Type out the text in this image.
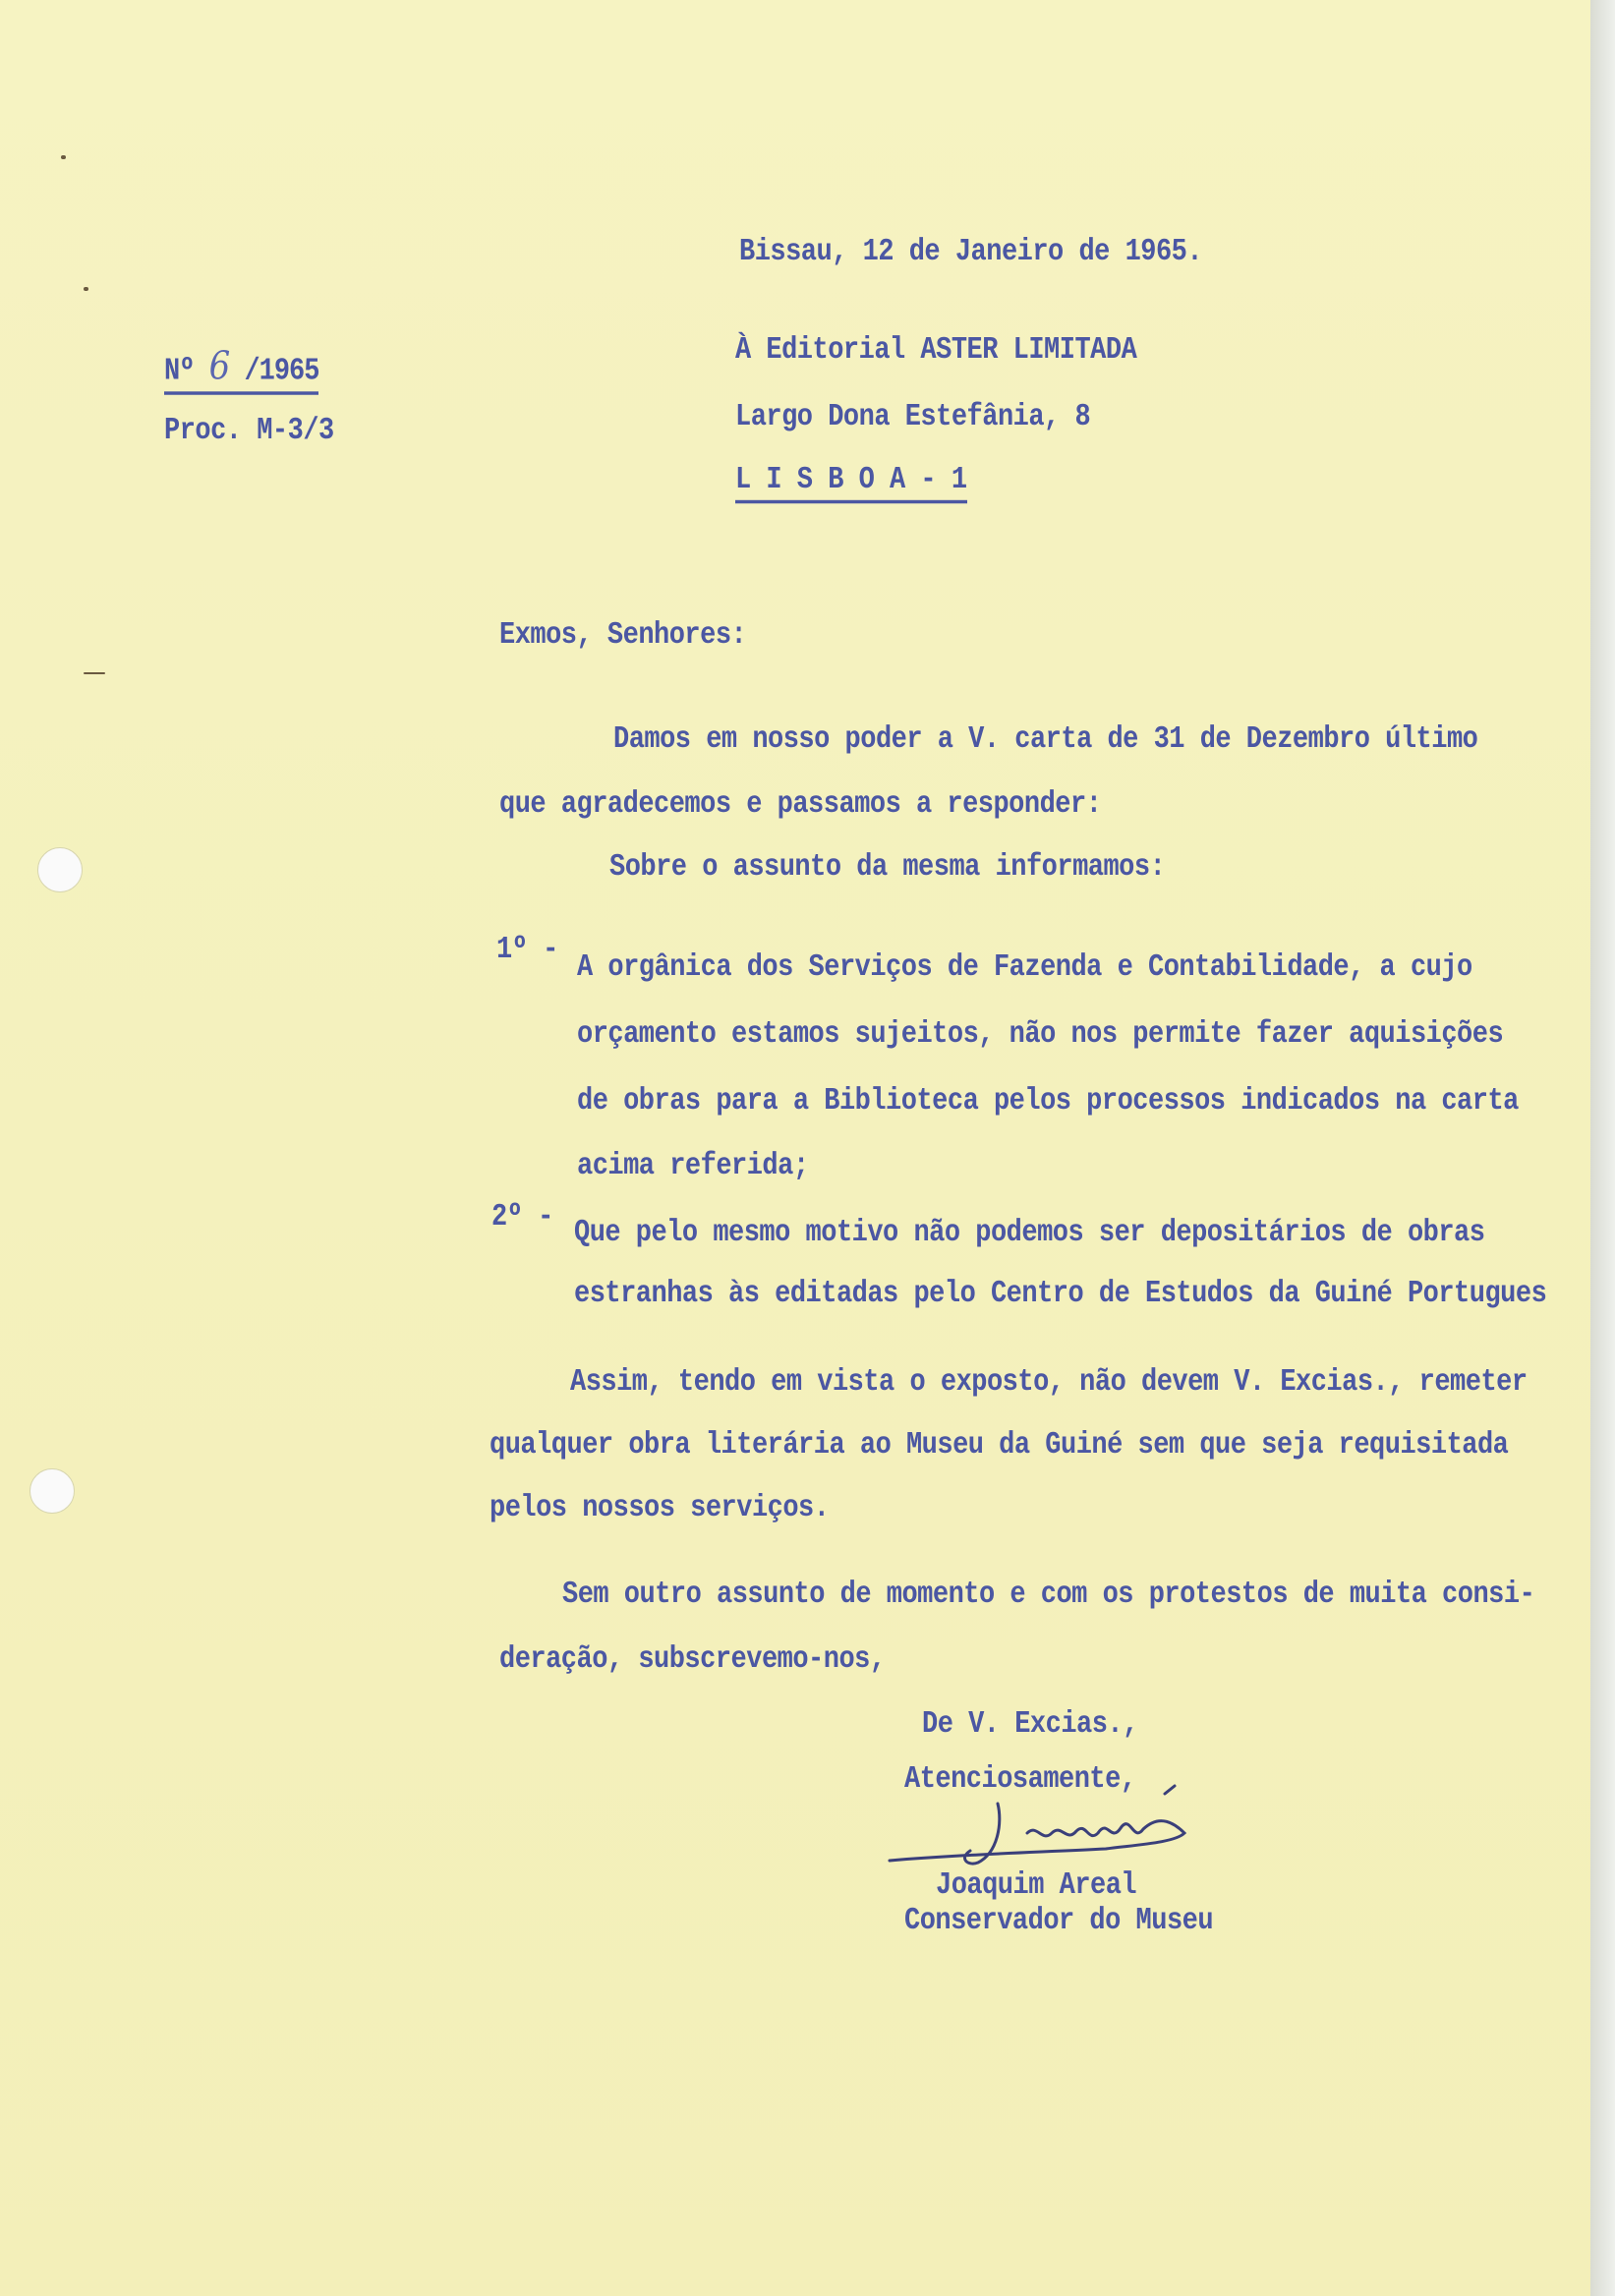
Bissau, 12 de Janeiro de 1965.
Nº 6 /1965
Proc. M-3/3
À Editorial ASTER LIMITADA
Largo Dona Estefânia, 8
L I S B O A - 1
Exmos, Senhores:
Damos em nosso poder a V. carta de 31 de Dezembro último
que agradecemos e passamos a responder:
Sobre o assunto da mesma informamos:
1º -
A orgânica dos Serviços de Fazenda e Contabilidade, a cujo
orçamento estamos sujeitos, não nos permite fazer aquisições
de obras para a Biblioteca pelos processos indicados na carta
acima referida;
2º - Que pelo mesmo motivo não podemos ser depositários de obras
estranhas às editadas pelo Centro de Estudos da Guiné Portugues
Assim, tendo em vista o exposto, não devem V. Excias., remeter
qualquer obra literária ao Museu da Guiné sem que seja requisitada
pelos nossos serviços.
Sem outro assunto de momento e com os protestos de muita consi-
deração, subscrevemo-nos,
De V. Excias.,
Atenciosamente,
Joaquim Areal
Conservador do Museu
